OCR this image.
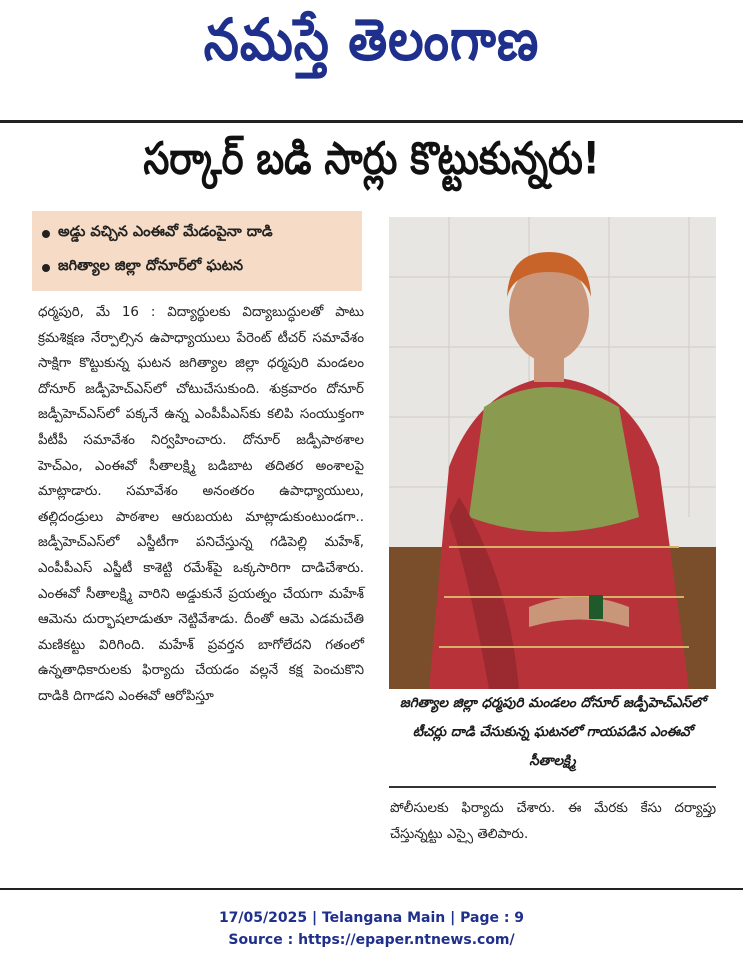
నమస్తే తెలంగాణ
సర్కార్ బడి సార్లు కొట్టుకున్నరు!
అడ్డు వచ్చిన ఎంఈవో మేడంపైనా దాడి
జగిత్యాల జిల్లా దోనూర్‌లో ఘటన

ధర్మపురి, మే 16 : విద్యార్థులకు విద్యాబుద్ధులతో పాటు క్రమశిక్షణ నేర్పాల్సిన ఉపాధ్యాయులు పేరెంట్ టీచర్ సమావేశం సాక్షిగా కొట్టుకున్న ఘటన జగిత్యాల జిల్లా ధర్మపురి మండలం దోనూర్ జడ్పీహెచ్‌ఎస్‌లో చోటుచేసుకుంది. శుక్రవారం దోనూర్ జడ్పీహెచ్‌ఎస్‌లో పక్కనే ఉన్న ఎంపీపీఎస్‌కు కలిపి సంయుక్తంగా పీటీపీ సమావేశం నిర్వహించారు. దోనూర్ జడ్పీపాఠశాల హెచ్‌ఎం, ఎంఈవో సీతాలక్ష్మి బడిబాట తదితర అంశాలపై మాట్లాడారు. సమావేశం అనంతరం ఉపాధ్యాయులు, తల్లిదండ్రులు పాఠశాల ఆరుబయట మాట్లాడుకుంటుండగా.. జడ్పీహెచ్‌ఎస్‌లో ఎస్జీటీగా పనిచేస్తున్న గడిపెల్లి మహేశ్, ఎంపీపీఎస్ ఎస్జీటీ కాశెట్టి రమేశ్‌పై ఒక్కసారిగా దాడిచేశారు. ఎంఈవో సీతాలక్ష్మి వారిని అడ్డుకునే ప్రయత్నం చేయగా మహేశ్ ఆమెను దుర్భాషలాడుతూ నెట్టివేశాడు. దీంతో ఆమె ఎడమచేతి మణికట్టు విరిగింది. మహేశ్ ప్రవర్తన బాగోలేదని గతంలో ఉన్నతాధికారులకు ఫిర్యాదు చేయడం వల్లనే కక్ష పెంచుకొని దాడికి దిగాడని ఎంఈవో ఆరోపిస్తూ	జగిత్యాల జిల్లా ధర్మపురి మండలం దోనూర్ జడ్పీహెచ్‌ఎస్‌లో టీచర్లు దాడి చేసుకున్న ఘటనలో గాయపడిన ఎంఈవో సీతాలక్ష్మి

పోలీసులకు ఫిర్యాదు చేశారు. ఈ మేరకు కేసు దర్యాప్తు చేస్తున్నట్టు ఎస్సై తెలిపారు.

17/05/2025 | Telangana Main | Page : 9
Source : https://epaper.ntnews.com/
